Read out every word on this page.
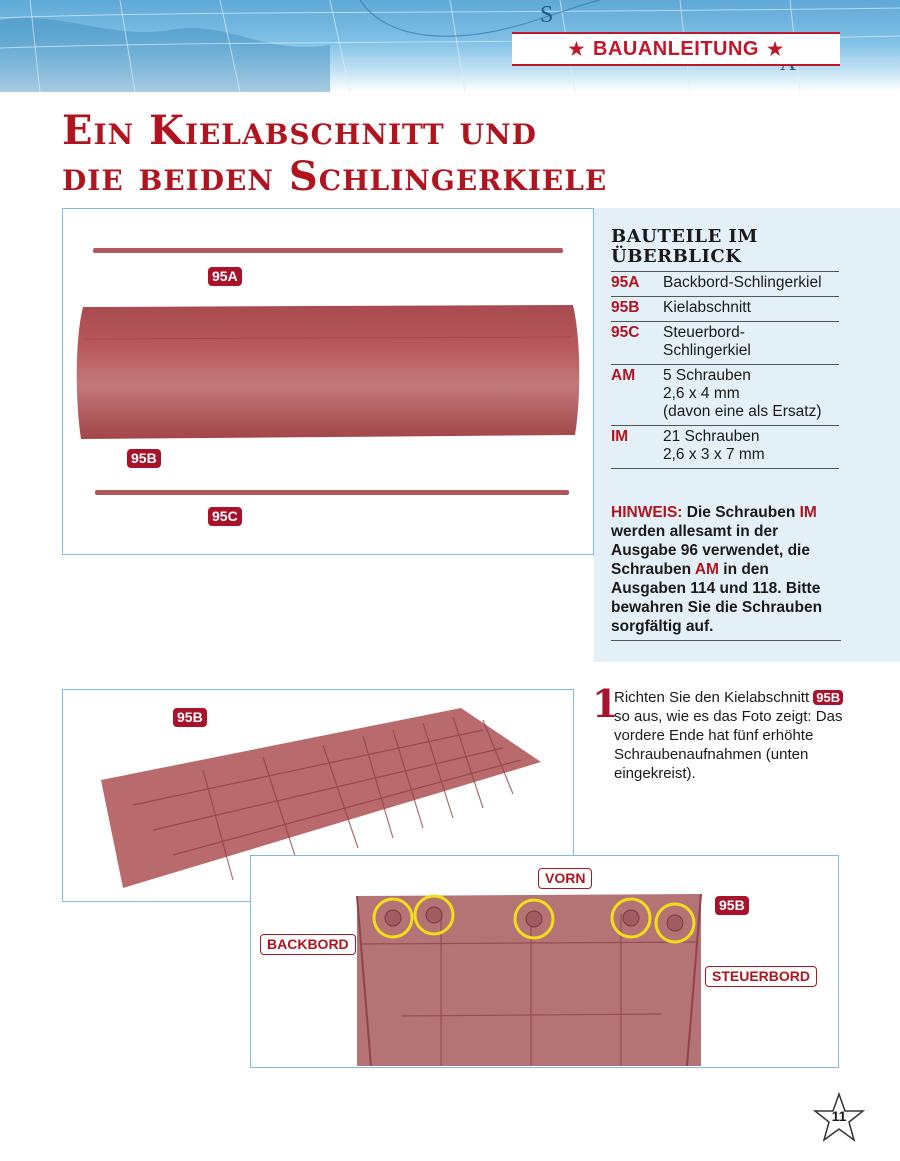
S
★ BAUANLEITUNG ★
Ein Kielabschnitt und
die beiden Schlingerkiele
95A
95B
95C
BAUTEILE IM
ÜBERBLICK
95A	Backbord-Schlingerkiel
95B	Kielabschnitt
95C	Steuerbord-
Schlingerkiel
AM	5 Schrauben
2,6 x 4 mm
(davon eine als Ersatz)
IM	21 Schrauben
2,6 x 3 x 7 mm
HINWEIS: Die Schrauben IM werden allesamt in der Ausgabe 96 verwendet, die Schrauben AM in den Ausgaben 114 und 118. Bitte bewahren Sie die Schrauben sorgfältig auf.
95B	1
Richten Sie den Kielabschnitt 95B so aus, wie es das Foto zeigt: Das vordere Ende hat fünf erhöhte Schraubenaufnahmen (unten eingekreist).
VORN
95B
BACKBORD
STEUERBORD
11
